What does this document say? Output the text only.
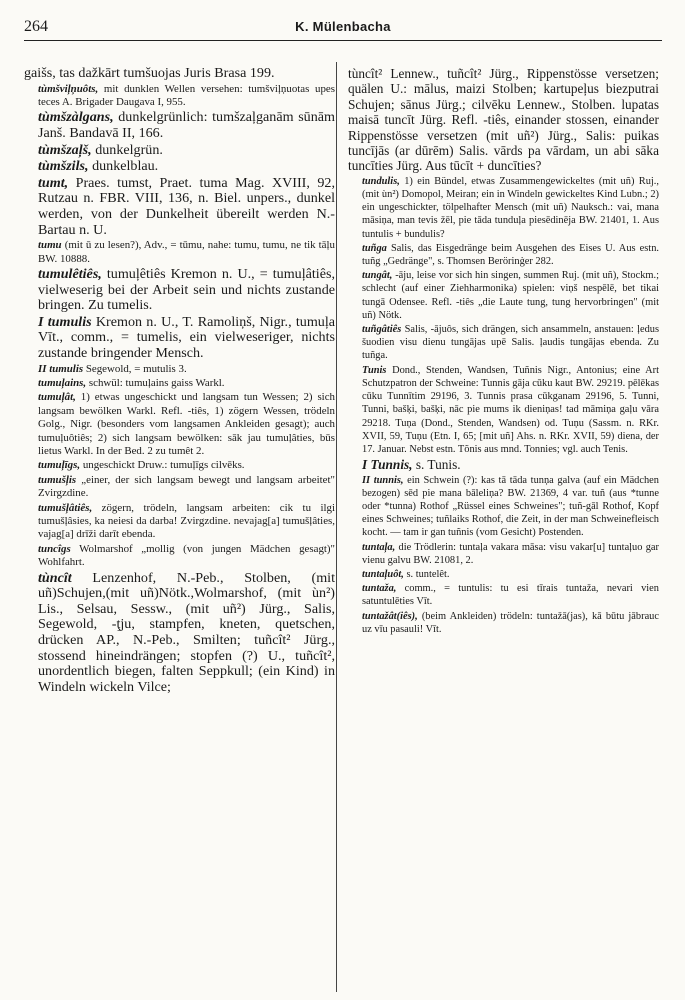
264	K. Mülenbacha

gaišs, tas dažkārt tumšuojas Juris Brasa 199.

tùmšviļņuôts, mit dunklen Wellen versehen: tumšviļņuotas upes teces A. Brigader Daugava I, 955.

tùmšzàlgans, dunkelgrünlich: tumšzaļganām sūnām Janš. Bandavā II, 166.

tùmšzaļš, dunkelgrün.

tùmšzils, dunkelblau.

tumt, Praes. tumst, Praet. tuma Mag. XVIII, 92, Rutzau n. FBR. VIII, 136, n. Biel. unpers., dunkel werden, von der Dunkelheit übereilt werden N.-Bartau n. U.

tumu (mit ū zu lesen?), Adv., = tūmu, nahe: tumu, tumu, ne tik tāļu BW. 10888.

tumulêtiês, tumuļêtiês Kremon n. U., = tumuļâtiês, vielweserig bei der Arbeit sein und nichts zustande bringen. Zu tumelis.

I tumulis Kremon n. U., T. Ramoliņš, Nigr., tumuļa Vīt., comm., = tumelis, ein vielweseriger, nichts zustande bringender Mensch.

II tumulis Segewold, = mutulis 3.

tumuļains, schwül: tumuļains gaiss Warkl.

tumuļât, 1) etwas ungeschickt und langsam tun Wessen; 2) sich langsam bewölken Warkl. Refl. -tiês, 1) zögern Wessen, trödeln Golg., Nigr. (besonders vom langsamen Ankleiden gesagt); auch tumuļuôtiês; 2) sich langsam bewölken: sāk jau tumuļâties, būs lietus Warkl. In der Bed. 2 zu tumêt 2.

tumuļīgs, ungeschickt Druw.: tumuļīgs cilvēks.

tumušļis „einer, der sich langsam bewegt und langsam arbeitet" Zvirgzdine.

tumušļâtiês, zögern, trödeln, langsam arbeiten: cik tu ilgi tumušļâsies, ka neiesi da darba! Zvirgzdine. nevajag[a] tumušļâties, vajag[a] drīži darīt ebenda.

tuncîgs Wolmarshof „mollig (von jungen Mädchen gesagt)" Wohlfahrt.

tùncît Lenzenhof, N.-Peb., Stolben, (mit uñ)Schujen,(mit uñ)Nötk.,Wolmarshof, (mit ùn²) Lis., Selsau, Sessw., (mit uñ²) Jürg., Salis, Segewold, -ţju, stampfen, kneten, quetschen, drücken AP., N.-Peb., Smilten; tuñcît² Jürg., stossend hineindrängen; stopfen (?) U., tuñcît², unordentlich biegen, falten Seppkull; (ein Kind) in Windeln wickeln Vilce;

tùncît² Lennew., tuñcît² Jürg., Rippenstösse versetzen; quälen U.: mālus, maizi Stolben; kartupeļus biezputrai Schujen; sānus Jürg.; cilvēku Lennew., Stolben. lupatas maisā tuncīt Jürg. Refl. -tiês, einander stossen, einander Rippenstösse versetzen (mit uñ²) Jürg., Salis: puikas tuncījās (ar dūrēm) Salis. vārds pa vārdam, un abi sāka tuncīties Jürg. Aus tūcīt + duncīties?

tundulis, 1) ein Bündel, etwas Zusammengewickeltes (mit uñ) Ruj., (mit ùn²) Domopol, Meiran; ein in Windeln gewickeltes Kind Lubn.; 2) ein ungeschickter, tölpelhafter Mensch (mit uñ) Nauksch.: vai, mana māsiņa, man tevis žēl, pie tāda tunduļa piesēdinēja BW. 21401, 1. Aus tuntulis + bundulis?

tuñga Salis, das Eisgedränge beim Ausgehen des Eises U. Aus estn. tuñg „Gedränge", s. Thomsen Berörinġer 282.

tungât, -āju, leise vor sich hin singen, summen Ruj. (mit uñ), Stockm.; schlecht (auf einer Ziehharmonika) spielen: viņš nespēlē, bet tikai tungā Odensee. Refl. -tiês „die Laute tung, tung hervorbringen" (mit uñ) Nötk.

tuñgâtiês Salis, -ājuôs, sich drängen, sich ansammeln, anstauen: ļedus šuodien visu dienu tungājas upē Salis. ļaudis tungājas ebenda. Zu tuñga.

Tunis Dond., Stenden, Wandsen, Tuñnis Nigr., Antonius; eine Art Schutzpatron der Schweine: Tunnis gāja cūku kaut BW. 29219. pēlēkas cūku Tunnītim 29196, 3. Tunnis prasa cūkganam 29196, 5. Tunni, Tunni, bašķi, bašķi, nāc pie mums ik dieniņas! tad māmiņa gaļu vāra 29218. Tuņa (Dond., Stenden, Wandsen) od. Tuņu (Sassm. n. RKr. XVII, 59, Tuņu (Etn. I, 65; [mit uñ] Ahs. n. RKr. XVII, 59) diena, der 17. Januar. Nebst estn. Tõnis aus mnd. Tonnies; vgl. auch Tenis.

I Tunnis, s. Tunis.

II tunnis, ein Schwein (?): kas tā tāda tunņa galva (auf ein Mädchen bezogen) sēd pie mana bāleliņa? BW. 21369, 4 var. tuñ (aus *tunne oder *tunna) Rothof „Rüssel eines Schweines"; tuñ-gāl Rothof, Kopf eines Schweines; tuñlaiks Rothof, die Zeit, in der man Schweinefleisch kocht. — tam ir gan tuñnis (vom Gesicht) Postenden.

tuntaļa, die Trödlerin: tuntaļa vakara māsa: visu vakar[u] tuntaļuo gar vienu galvu BW. 21081, 2.

tuntaļuôt, s. tuntelêt.

tuntaža, comm., = tuntulis: tu esi tīrais tuntaža, nevari vien satuntulēties Vīt.

tuntažât(iês), (beim Ankleiden) trödeln: tuntažā(jas), kā būtu jābrauc uz vīu pasauli! Vīt.
